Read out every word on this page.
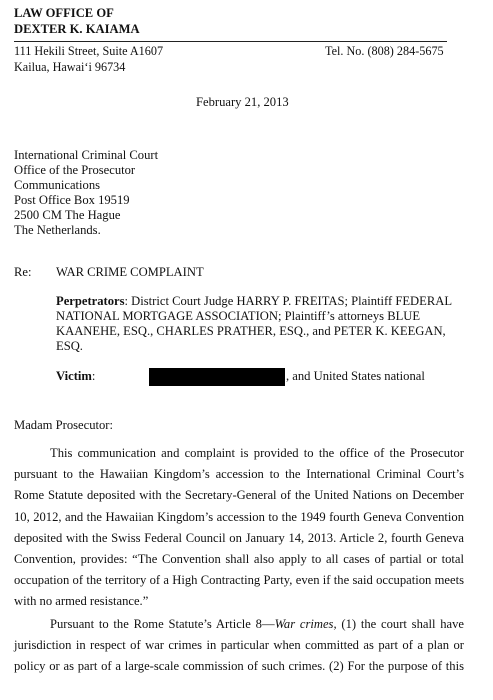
LAW OFFICE OF
DEXTER K. KAIAMA
111 Hekili Street, Suite A1607
Kailua, Hawaiʻi 96734
Tel. No. (808) 284-5675
February 21, 2013
International Criminal Court
Office of the Prosecutor
Communications
Post Office Box 19519
2500 CM The Hague
The Netherlands.
Re: WAR CRIME COMPLAINT
Perpetrators: District Court Judge HARRY P. FREITAS; Plaintiff FEDERAL
NATIONAL MORTGAGE ASSOCIATION; Plaintiff’s attorneys BLUE
KAANEHE, ESQ., CHARLES PRATHER, ESQ., and PETER K. KEEGAN,
ESQ.
Victim:	, and United States national
Madam Prosecutor:
This communication and complaint is provided to the office of the Prosecutor
pursuant to the Hawaiian Kingdom’s accession to the International Criminal Court’s
Rome Statute deposited with the Secretary-General of the United Nations on December
10, 2012, and the Hawaiian Kingdom’s accession to the 1949 fourth Geneva Convention
deposited with the Swiss Federal Council on January 14, 2013. Article 2, fourth Geneva
Convention, provides: “The Convention shall also apply to all cases of partial or total
occupation of the territory of a High Contracting Party, even if the said occupation meets
with no armed resistance.”
Pursuant to the Rome Statute’s Article 8—War crimes, (1) the court shall have
jurisdiction in respect of war crimes in particular when committed as part of a plan or
policy or as part of a large-scale commission of such crimes. (2) For the purpose of this
